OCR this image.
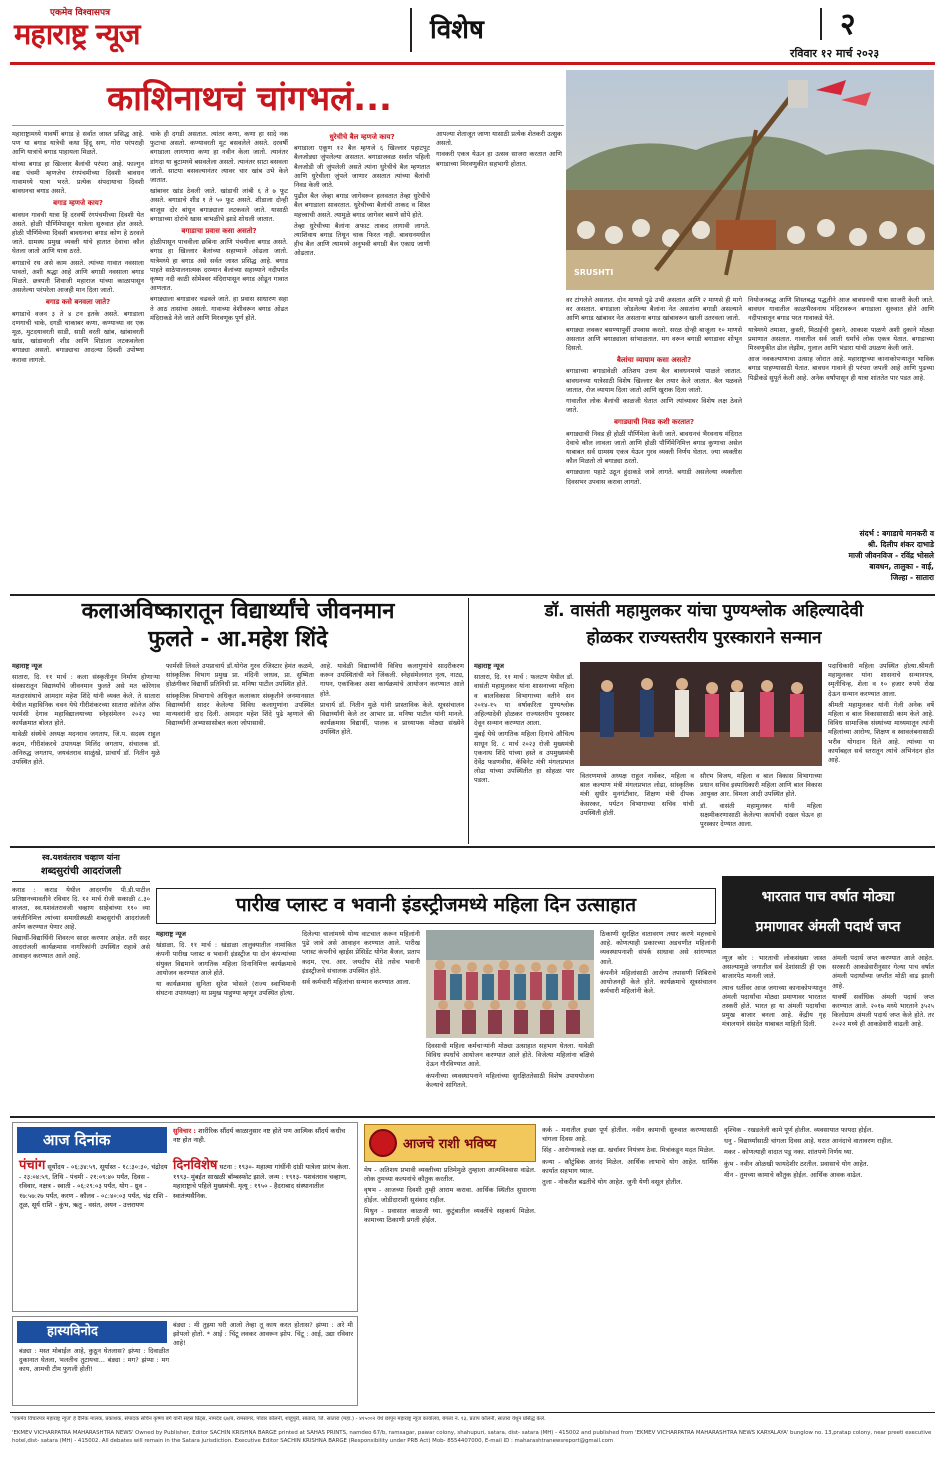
एकमेव विश्वासपत्र
महाराष्ट्र न्यूज	विशेष	२
रविवार १२ मार्च २०२३
काशिनाथचं चांगभलं...
SRUSHTI

महाराष्ट्रामध्ये यावर्षी बगाड हे सर्वात जास्त प्रसिद्ध आहे. पण या बगाड यात्रेची कथा हिंदू सण, गोरा परंपराही आणि यात्रांचे बगाड पाहायला मिळते.

यांच्या बगाड हा खिल्लार बैलांची परंपरा आहे. फाल्गुन वद्य पंचमी म्हणजेच रंगपंचमीच्या दिवशी बावधन गावामध्ये यात्रा भरते. प्रत्येक संपदायाचा दिवशी बावधनचा बगाड असते.

बगाड म्हणजे काय?

बावधन गावची यात्रा हि दरवर्षी रंगपंचमीच्या दिवशी येत असते. होळी पौर्णिमेपासून यात्रेला सुरुवात होत असते. होळी पौर्णिमेच्या दिवशी बावधनचा बगाड कोण हे ठरवले जाते. ग्रामस्थ प्रमुख व्यक्ती यांचे हातात देवाचा कौल घेतला जातो आणि यात्रा ठरते.

बगाडाचे रथ असे काम असते. त्यांच्या गावात नवसाला पावतो, अशी श्रद्धा आहे आणि बगाडी नवसाला बगाड मिळते. छत्रपती शिवाजी महाराज यांच्या काळापासून असलेल्या परंपरेला आजही मान दिला जातो.

बगाड कसे बनवला जाते?

बगाडाचे वजन ३ ते ४ टन इतके असते. बगाडाला दणगाची चाके, दगडी चाकाबर कणा, कण्याच्या वर एक मूळ, मुटदयावरती साडी, साडी वरती खांब, खांबावरती खांड, खांडावरती शीड आणि शिडाला लटकवलेला बगाड्या असतो. बगाड्याचा आदल्या दिवशी उपोष्णा करावा लागतो.

चाके ही दगडी असतात. त्यांतर कणा, कणा हा सादे नक फुटाचा असतो. कण्यावरती मूट बसवलेले असते. दरवर्षी बगाडाला लागणारा कणा हा नवीन केला जातो. त्यानंतर डांगदा या बुटामध्ये बसवलेला असतो. त्यानंतर साटा बसवला जातो. साटया बसवल्यानंतर त्यावर चार खांब उभे केले जातात.

खांबावर खांड ठेवली जाते. खांडाची लांबी ६ ते ७ फूट असते. बगाडाचे शीड १ ते ५० फूट असते. शीडाला दोन्ही बाजूस दोर बांधून बगाड्याला लटकवले जाते. यासाठी बगाडाच्या दोरांचे खास बाभळीचे झाडे शोधली जातात.

बगाडाचा प्रवास कसा असतो?

होळीपासून पाचवीला छबिना आणि पंचमीला बगाड असते. बगाड हा खिल्लार बैलांच्या सहाय्याने ओढला जातो. यात्रेमध्ये हा बगाड असे सर्वत जास्त प्रसिद्ध आहे. बगाड पाहते साठेपालनात्मक दरम्यान बैलांच्या सहाय्याने नदीपर्यंत कृष्णा नदी काठी सोमेश्वर मंदिरापासून बगाड ओढून गावात आणतात.

बगाड्याला बगाडावर चढवले जाते. हा प्रवास साधारण सहा ते आठ तासांचा असतो. गावाच्या वेशीवरून बगाड ओढत मंदिराकडे नेले जाते आणि मिरवणूक पूर्ण होते.

धुरेचीचे बैल म्हणजे काय?

बगाडाला एकूण १२ बैल म्हणजे ६ खिल्लार पहाटपूट बैलजोड्या जुंपलेल्या असतात. बगाडाजवळ सर्वात पहिली बैलजोडी जी जुंपलेली असते त्यांना धुरेचीचे बैल म्हणतात आणि धुरेचीला जुंपले जाणार असतात त्यांच्या बैलांची निवड केली जाते.

पुढील बैल जेव्हा बगाड जागेवरून हलवतात तेव्हा धुरेचीचे बैल बगाडाला सावरतात. धुरेचीच्या बैलांची ताकद व शिस्त महत्त्वाची असते. त्यामुळे बगाड जागेवर बसणे सोपे होते.

तेव्हा धुरेचीच्या बैलांना अफाट ताकद लागावी लागते. त्याशिवाय बगाड तिथून चाक फिरत नाही. बावधनमधील हीच बैल आणि त्यामध्ये अनुभवी बगाडी बैल एकाग्र जाणी ओढतात.

आपल्या शेताजूत जाणा यासाठी प्रत्येक शेतकरी उत्सुक असतो.

गावकरी एकत्र येऊन हा उत्सव साजरा करतात आणि बगाडाच्या मिरवणुकीत सहभागी होतात.

वर टांगलेले असतात. दोन माणसे पुढे उभी असतात आणि २ माणसे ही मागे वर असतात. बगाडाला जोडलेल्या बैलांना नेत असतांना बगाडी असल्याने आणि बगाड खांबावर नेत असताना बगाड खांबावरून खाली उतरवला जातो.

बगाड्या लवकर बसण्यापूर्वी उपवास करतो. सरळ दोन्ही बाजूला १० माणसे असतात आणि बगाड्याला सांभाळतात. मग वरून बगाडी बगाडावर शोभून दिसतो.

बैलांचा व्यायाम कसा असतो?

बगाडाच्या बगाडावेळी अतिशय उत्तम बैल बावधनमध्ये पाळले जातात. बावधनच्या यात्रेसाठी विशेष खिल्लार बैल तयार केले जातात. बैल पळवले जातात, रोज व्यायाम दिला जातो आणि खुराक दिला जातो.

गावातील लोक बैलांची काळजी घेतात आणि त्यांच्यावर विशेष लक्ष ठेवले जाते.

बगाड्याची निवड कशी करतात?

बगाड्याची निवड ही होळी पौर्णिमेला केली जाते. बावधनचं भैरवनाथ मंदिरात देवाचे कौल लावला जातो आणि होळी पौर्णिमेनिमित्त बगाड कुणाचा असेल याबाबत सर्व ग्रामस्थ एकत्र येऊन गुरव व्यक्ती निर्णय घेतात. ज्या व्यक्तीस कौल मिळतो तो बगाड्या ठरतो.

बगाड्याला पहाटे उठून हुंदाकडे जावे लागते. बगाडी असलेल्या व्यक्तीला दिवसभर उपवास करावा लागतो.

नियोजनबद्ध आणि शिस्तबद्ध पद्धतीने आज बावधनची यात्रा साजरी केली जाते. बावधन गावातील काळभैरवनाथ मंदिरावरून बगाडाला सुरुवात होते आणि नदीपात्रातून बगाड परत गावाकडे येते.

यात्रेमध्ये तमाशा, कुस्ती, मिठाईची दुकाने, आकाश पाळणे अशी दुकाने मोठ्या प्रमाणात असतात. गावातील सर्व जाती धर्मांचे लोक एकत्र येतात. बगाडाच्या मिरवणुकीत ढोल लेझीम, गुलाल आणि भंडारा यांची उधळण केली जाते.

आज नवकल्याणाचा उत्साह जोरात आहे. महाराष्ट्राच्या कानाकोपऱ्यातून भाविक बगाड पाहण्यासाठी येतात. बावधन गावाने ही परंपरा जपली आहे आणि पुढच्या पिढीकडे सुपूर्त केली आहे. अनेक वर्षांपासून ही यात्रा शांततेत पार पडत आहे.

संदर्भ : बगाडाचे मानकरी व
श्री. दिलीप शंकर दाभाडे
माजी जीवनविज - रविंद्र भोसले
बावधन, तालुका - वाई,
जिल्हा - सातारा
कलाअविष्कारातून विद्यार्थ्यांचे जीवनमान
फुलते - आ.महेश शिंदे

महाराष्ट्र न्यूज

सातारा, दि. ११ मार्च : कला संस्कृतीनून निर्माण होणाऱ्या संस्कारातून विद्यार्थ्यांचे जीवनमान फुलते असे मत कोरेगाव मतदारसंघाचे आमदार महेश शिंदे यांनी व्यक्त केले. ते सातारा येथील महाविनिक चवन येथे गीरीशंकरच्या सातारा कॉलेज ऑफ फार्मसी देगाव महाविद्यालयाच्या स्नेहसंमेलन २०२३ च्या कार्यक्रमात बोलत होते.

यावेळी संस्थेचे अध्यक्ष मदनराव जगताप, जि.प. सदस्य राहुल कदम, गीरीशंकरचे उपाध्यक्ष मिलिंद जगताप, संचालक डॉ. अनिरुद्ध जगताप, जयवंतराव साळुंखे, प्राचार्य डॉ. नितीन मुळे उपस्थित होते.

फार्मसी लिवले उपप्राचार्य डॉ.योगेश गुरव रजिस्टार हेमंत कळमे, सांस्कृतिक विभाग प्रमुख प्रा. मंदिनी जाधव, प्रा. सुष्मिता होळंगीकर विद्यार्थी प्रतिनिधी प्रा. मनिषा पाटील उपस्थित होते.

सांस्कृतिक विभागाचे अधिकृत कलाकार संस्कृतीने जनमानसात विद्यार्थ्यांनी सादर केलेल्या विविध कलागुणांना उपस्थित मान्यवरांनी दाद दिली. आमदार महेश शिंदे पुढे म्हणाले की विद्यार्थ्यांनी अभ्यासासोबत कला जोपासावी.

आहे. यावेळी विद्यार्थ्यांनी विविध कलागुणांचे सादरीकरण करून उपस्थितांची मने जिंकली. स्नेहसंमेलनात नृत्य, नाट्य, गायन, एकांकिका अशा कार्यक्रमांचे आयोजन करण्यात आले होते.

प्राचार्य डॉ. नितीन मुळे यांनी प्रास्ताविक केले. सूत्रसंचालन विद्यार्थ्यांनी केले तर आभार प्रा. मनिषा पाटील यांनी मानले. कार्यक्रमास विद्यार्थी, पालक व प्राध्यापक मोठ्या संख्येने उपस्थित होते.

डॉ. वासंती महामुलकर यांचा पुण्यश्लोक अहिल्यादेवी
होळकर राज्यस्तरीय पुरस्काराने सन्मान

महाराष्ट्र न्यूज

सातारा, दि. ११ मार्च : फलटण येथील डॉ. वासंती महामुलकर यांना शासनाच्या महिला व बालविकास विभागाच्या वतीने सन २०१४-१५ या वर्षाकरिता पुण्यश्लोक अहिल्यादेवी होळकर राज्यस्तरीय पुरस्कार देवून सन्मान करण्यात आला.

मुंबई येथे जागतिक महिला दिनाचे औचित्य साधून दि. ८ मार्च २०२३ रोजी मुख्यमंत्री एकनाथ शिंदे यांच्या हस्ते व उपमुख्यमंत्री देवेंद्र फडणवीस, कॅबिनेट मंत्री मंगलप्रभात लोढा यांच्या उपस्थितीत हा सोहळा पार पडला.

वितरणमध्ये अध्यक्ष राहुल नार्वेकर, महिला व बाल कल्याण मंत्री मंगलप्रभात लोढा, सांस्कृतिक मंत्री सुधीर मुनगंटीवार, शिक्षण मंत्री दीपक केसरकर, पर्यटन विभागाच्या सचिव यांची उपस्थिती होती.

सौरभ विजय, महिला व बाल विकास विभागाच्या प्रधान सचिव इस्पाधिकारी महिला आणि बाल विकास आयुक्त आर. विमला आदी उपस्थित होते.

डॉ. वासंती महामुलकर यांनी महिला सक्षमीकरणासाठी केलेल्या कार्याची दखल घेऊन हा पुरस्कार देण्यात आला.

पदाधिकारी महिला उपस्थित होत्या.श्रीमती महामुलकर यांना शासनाचे सन्मानपत्र, स्मृतीचिन्ह, शेला व १० हजार रुपये रोख देऊन सन्मान करण्यात आला.

श्रीमती महामुलकर यांनी गेली अनेक वर्षे महिला व बाल विकासासाठी काम केले आहे. विविध सामाजिक संस्थांच्या माध्यमातून त्यांनी महिलांच्या आरोग्य, शिक्षण व स्वावलंबनासाठी भरीव योगदान दिले आहे. त्यांच्या या कार्याबद्दल सर्व स्तरातून त्यांचे अभिनंदन होत आहे.

स्व.यशवंतराव चव्हाण यांना
शब्दसुरांची आदरांजली

कराड : कराड येथील आदरणीय पी.डी.पाटील प्रतिष्ठानच्यावतीने रविवार दि. १२ मार्च रोजी सकाळी ८.३० वाजता, स्व.यशवंतरावजी चव्हाण साहेबांच्या ११० व्या जयंतीनिमित्त त्यांच्या समाधीस्थळी शब्दसुरांची आदरांजली अर्पण करण्यात येणार आहे.

विद्यार्थी-विद्यार्थिनी शिवरत्न सादर करणार आहेत. तरी सदर आदरांजली कार्यक्रमास नागरिकांनी उपस्थित राहावे असे आवाहन करण्यात आले आहे.

पारीख प्लास्ट व भवानी इंडस्ट्रीजमध्ये महिला दिन उत्साहात

महाराष्ट्र न्यूज

खंडाळा, दि. ११ मार्च : खंडाळा तालुक्यातील नामांकित कंपनी पारीख प्लास्ट व भवानी इंडस्ट्रीज या दोन कंपन्यांच्या संयुक्त विद्यमाने जागतिक महिला दिनानिमित्त कार्यक्रमाचे आयोजन करण्यात आले होते.

या कार्यक्रमास सुनिता सुरेश भोसले (राज्य स्वाभिमानी संघटना उपाध्यक्षा) या प्रमुख पाहुण्या म्हणून उपस्थित होत्या.

दिलेल्या चालांमध्ये योग्य वाटचाल करून महिलांनी पुढे जावे असे आवाहन करण्यात आले. पारीख प्लास्ट कंपनीचे व्हाईस प्रेसिडेंट योगेश बैजल, प्रताप कदम, एच. आर. जयदीप शेंडे तसेच भवानी इंडस्ट्रीजचे संचालक उपस्थित होते.

सर्व कर्मचारी महिलांचा सन्मान करण्यात आला.

दिवसाची महिला कर्मचाऱ्यांनी मोठ्या उत्साहात सहभाग घेतला. यावेळी विविध स्पर्धांचे आयोजन करण्यात आले होते. विजेत्या महिलांना बक्षिसे देऊन गौरविण्यात आले.

कंपनीच्या व्यवस्थापनाने महिलांच्या सुरक्षिततेसाठी विशेष उपाययोजना केल्याचे सांगितले.

ठिकाणी सुरक्षित वातावरण तयार करणे महत्त्वाचे आहे. कोणत्याही प्रकारच्या अडचणीत महिलांनी व्यवस्थापनाशी संपर्क साधावा असे सांगण्यात आले.

कंपनीने महिलांसाठी आरोग्य तपासणी शिबिराचे आयोजनही केले होते. कार्यक्रमाचे सूत्रसंचालन कर्मचारी महिलांनी केले.

भारतात पाच वर्षात मोठ्या
प्रमाणावर अंमली पदार्थ जप्त

न्यूज़ कोर : भारताची लोकसंख्या जास्त असल्यामुळे जगातील सर्व देशांसाठी ही एक बाजारपेठ मानली जाते.

त्याच धर्तीवर आज जगाच्या कानाकोपऱ्यातून अंमली पदार्थांचा मोठ्या प्रमाणावर भारतात तस्करी होते. भारत हा या अंमली पदार्थांचा प्रमुख बाजार बनला आहे. केंद्रीय गृह मंत्रालयाने संसदेत याबाबत माहिती दिली.

अंमली पदार्थ जप्त करण्यात आले आहेत. सरकारी आकडेवारीनुसार गेल्या पाच वर्षात अंमली पदार्थांच्या जप्तीत मोठी वाढ झाली आहे.

यावर्षी सर्वाधिक अंमली पदार्थ जप्त करण्यात आले. २०१७ मध्ये भारताने ३५२५ किलोग्राम अंमली पदार्थ जप्त केले होते. तर २०२२ मध्ये ही आकडेवारी वाढली आहे.

आज दिनांक	सुविचार : शारीरिक सौंदर्य काळानुसार नष्ट होते पण आत्मिक सौंदर्य कधीच नष्ट होत नाही.
पंचांग सूर्योदय - ०६:३४:५९, सूर्यास्त - १८:३०:३०, चंद्रोदय - २३:०४:५९, तिथि - पंचमी - २१:०९:४० पर्यंत, दिवस - रविवार, नक्षत्र - स्वाती - ०६:२९:०३ पर्यंत, योग - ध्रुव - १७:५७:२७ पर्यंत, करण - कौलव - ०८:४०:०३ पर्यंत, चंद्र राशि - तूळ, सूर्य राशि - कुंभ, ऋतु - वसंत, अयन - उत्तरायण
दिनविशेष घटना : १९३०- महात्मा गांधींनी दांडी यात्रेला प्रारंभ केला. १९९३- मुंबईत साखळी बॉम्बस्फोट झाले. जन्म : १९१३- यशवंतराव चव्हाण, महाराष्ट्राचे पहिले मुख्यमंत्री. मृत्यू : १९५० - हैदराबाद संस्थानातील स्वातंत्र्यसैनिक.
हास्यविनोद
बंड्या : मस्त मोबाईल आहे, कुठून घेतलास? झंप्या : दिवाळीत दुकानात घेतला, भलतीच तुटायचा... बंड्या : मग? झंप्या : मग काय, आमची टीम फुगली होती!
बंड्या : मी तुझ्या घरी आलो तेव्हा तू काय करत होतास? झंप्या : अरे मी झोपलो होतो. * आई : चिंटू लवकर आवरून झोप. चिंटू : आई, उद्या रविवार आहे!
आजचे राशी भविष्य

मेष - अतिशय प्रभावी व्यक्तीच्या प्रतिमेमुळे तुम्हाला आत्मविश्वास वाढेल. लोक तुमच्या कल्पनांचे कौतुक करतील.

वृषभ - आजच्या दिवशी तुम्ही आराम करावा. आर्थिक स्थितीत सुधारणा होईल. जोडीदाराशी सुसंवाद राहील.

मिथुन - प्रवासात काळजी घ्या. कुटुंबातील व्यक्तींचे सहकार्य मिळेल. कामाच्या ठिकाणी प्रगती होईल.

कर्क - मनातील इच्छा पूर्ण होतील. नवीन कामाची सुरुवात करण्यासाठी चांगला दिवस आहे.

सिंह - आरोग्याकडे लक्ष द्या. खर्चावर नियंत्रण ठेवा. मित्रांकडून मदत मिळेल.

कन्या - कौटुंबिक आनंद मिळेल. आर्थिक लाभाचे योग आहेत. धार्मिक कार्यात सहभाग घ्याल.

तुला - नोकरीत बढतीचे योग आहेत. जुनी येणी वसूल होतील.

वृश्चिक - रखडलेली कामे पूर्ण होतील. व्यवसायात फायदा होईल.

धनु - विद्यार्थ्यांसाठी चांगला दिवस आहे. घरात आनंदाचे वातावरण राहील.

मकर - कोणत्याही वादात पडू नका. शांतपणे निर्णय घ्या.

कुंभ - नवीन ओळखी फायदेशीर ठरतील. प्रवासाचे योग आहेत.

मीन - तुमच्या कामाचे कौतुक होईल. आर्थिक आवक वाढेल.

'एकमेव विचारपत्र महाराष्ट्र न्यूज' हे दैनिक मालक, प्रकाशक, संपादक सचिन कृष्णा बर्गे यांनी सहस प्रिंट्स, नामदेव ६७/ब, रामसागर, पोवार कॉलनी, शाहूपुरी, सातारा, जि. सातारा (महा.) - ४१५००२ येथे छापून महाराष्ट्र न्यूज कार्यालय, बंगला नं. १३, प्रताप कॉलनी, सातारा येथून प्रसिद्ध केले.
'EKMEV VICHARPATRA MAHARASHTRA NEWS' Owned by Publisher, Editor SACHIN KRISHNA BARGE printed at SAHAS PRINTS, namdeo 67/b, ramsagar, pawar colony, shahupuri, satara, dist- satara (MH) - 415002 and published from 'EKMEV VICHARPATRA MAHARASHTRA NEWS KARYALAYA' bunglow no. 13,pratap colony, near preeti executive hotel,dist- satara (MH) - 415002. All debates will remain in the Satara jurisdiction. Executive Editor SACHIN KRISHNA BARGE (Responsibility under PRB Act) Mob- 8554407000, E-mail ID : maharashtranewsreport@gmail.com
